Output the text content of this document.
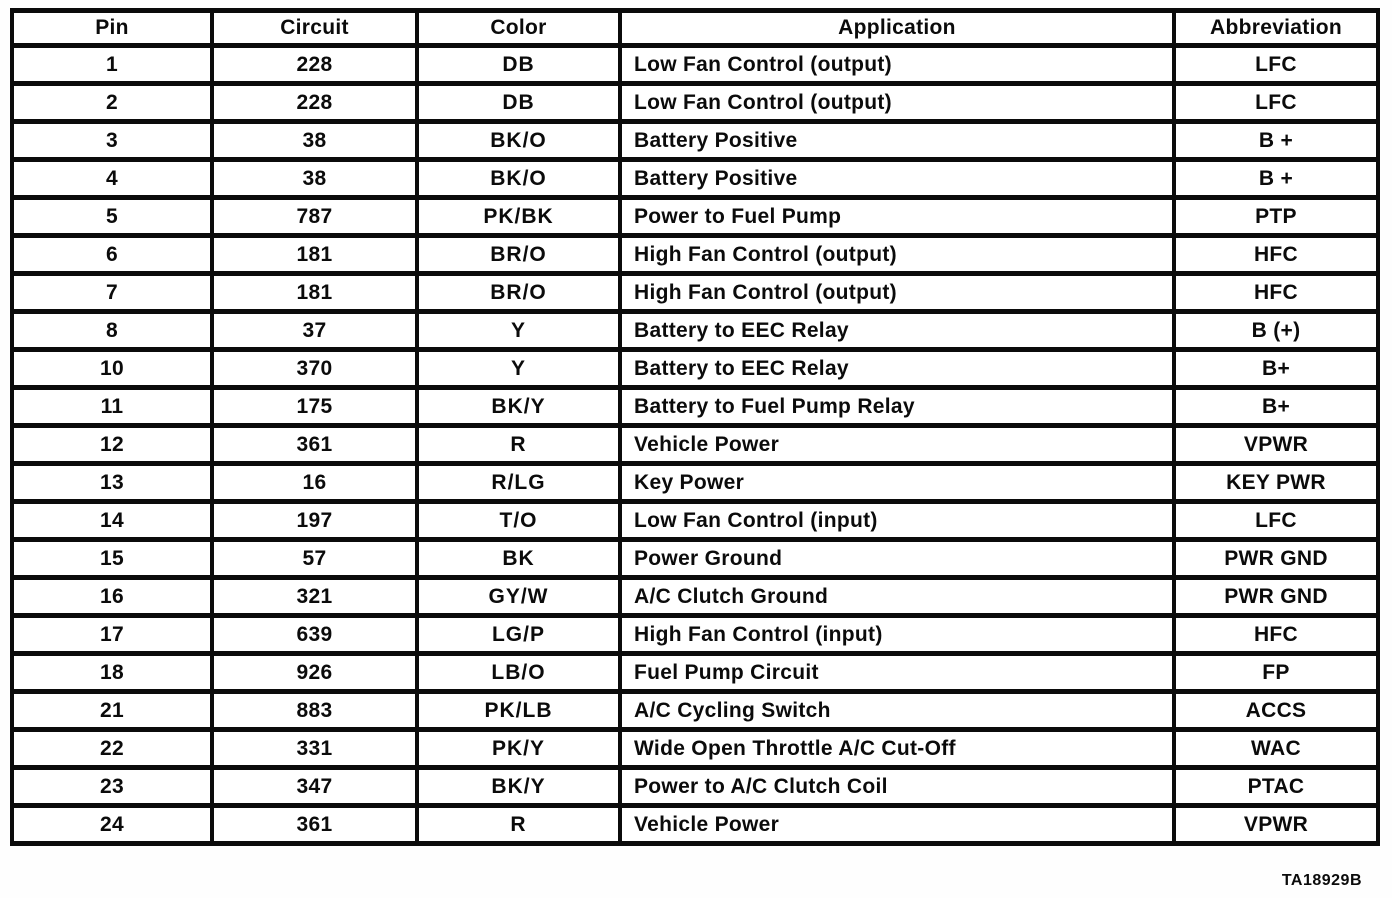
Pin	Circuit	Color	Application	Abbreviation
1	228	DB	Low Fan Control (output)	LFC
2	228	DB	Low Fan Control (output)	LFC
3	38	BK/O	Battery Positive	B +
4	38	BK/O	Battery Positive	B +
5	787	PK/BK	Power to Fuel Pump	PTP
6	181	BR/O	High Fan Control (output)	HFC
7	181	BR/O	High Fan Control (output)	HFC
8	37	Y	Battery to EEC Relay	B (+)
10	370	Y	Battery to EEC Relay	B+
11	175	BK/Y	Battery to Fuel Pump Relay	B+
12	361	R	Vehicle Power	VPWR
13	16	R/LG	Key Power	KEY PWR
14	197	T/O	Low Fan Control (input)	LFC
15	57	BK	Power Ground	PWR GND
16	321	GY/W	A/C Clutch Ground	PWR GND
17	639	LG/P	High Fan Control (input)	HFC
18	926	LB/O	Fuel Pump Circuit	FP
21	883	PK/LB	A/C Cycling Switch	ACCS
22	331	PK/Y	Wide Open Throttle A/C Cut-Off	WAC
23	347	BK/Y	Power to A/C Clutch Coil	PTAC
24	361	R	Vehicle Power	VPWR
TA18929B
